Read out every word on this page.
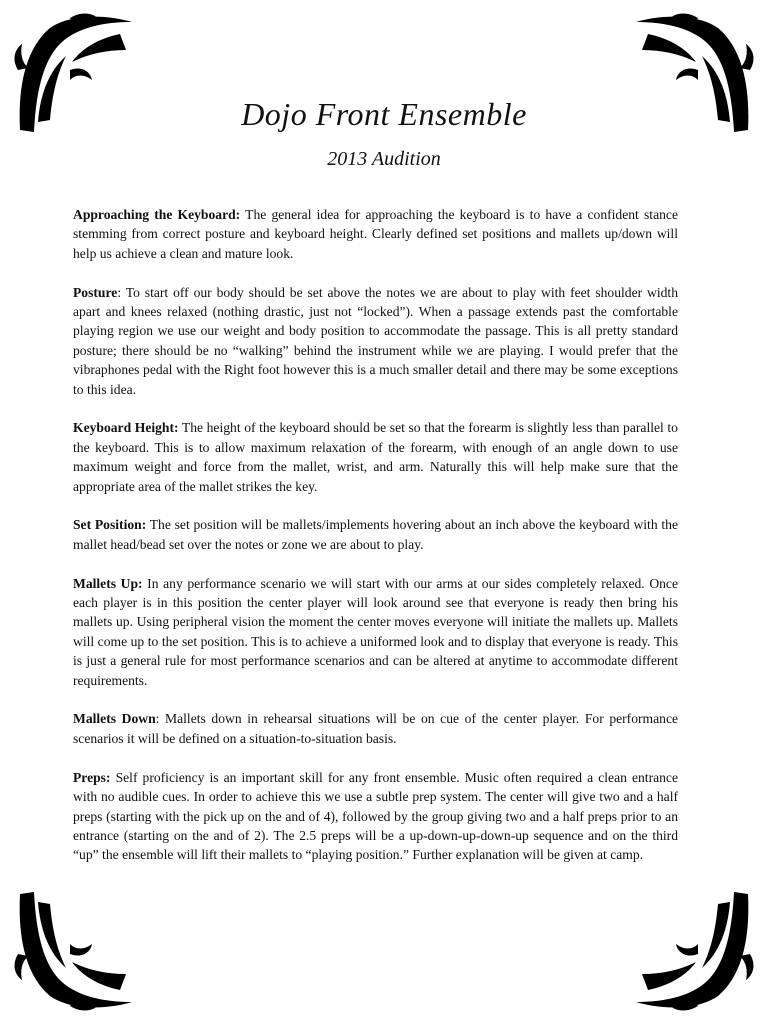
Dojo Front Ensemble
2013 Audition

Approaching the Keyboard: The general idea for approaching the keyboard is to have a confident stance stemming from correct posture and keyboard height. Clearly defined set positions and mallets up/down will help us achieve a clean and mature look.

Posture: To start off our body should be set above the notes we are about to play with feet shoulder width apart and knees relaxed (nothing drastic, just not “locked”). When a passage extends past the comfortable playing region we use our weight and body position to accommodate the passage. This is all pretty standard posture; there should be no “walking” behind the instrument while we are playing. I would prefer that the vibraphones pedal with the Right foot however this is a much smaller detail and there may be some exceptions to this idea.

Keyboard Height: The height of the keyboard should be set so that the forearm is slightly less than parallel to the keyboard. This is to allow maximum relaxation of the forearm, with enough of an angle down to use maximum weight and force from the mallet, wrist, and arm. Naturally this will help make sure that the appropriate area of the mallet strikes the key.

Set Position: The set position will be mallets/implements hovering about an inch above the keyboard with the mallet head/bead set over the notes or zone we are about to play.

Mallets Up: In any performance scenario we will start with our arms at our sides completely relaxed. Once each player is in this position the center player will look around see that everyone is ready then bring his mallets up. Using peripheral vision the moment the center moves everyone will initiate the mallets up. Mallets will come up to the set position. This is to achieve a uniformed look and to display that everyone is ready. This is just a general rule for most performance scenarios and can be altered at anytime to accommodate different requirements.

Mallets Down: Mallets down in rehearsal situations will be on cue of the center player. For performance scenarios it will be defined on a situation-to-situation basis.

Preps: Self proficiency is an important skill for any front ensemble. Music often required a clean entrance with no audible cues. In order to achieve this we use a subtle prep system. The center will give two and a half preps (starting with the pick up on the and of 4), followed by the group giving two and a half preps prior to an entrance (starting on the and of 2). The 2.5 preps will be a up-down-up-down-up sequence and on the third “up” the ensemble will lift their mallets to “playing position.” Further explanation will be given at camp.
